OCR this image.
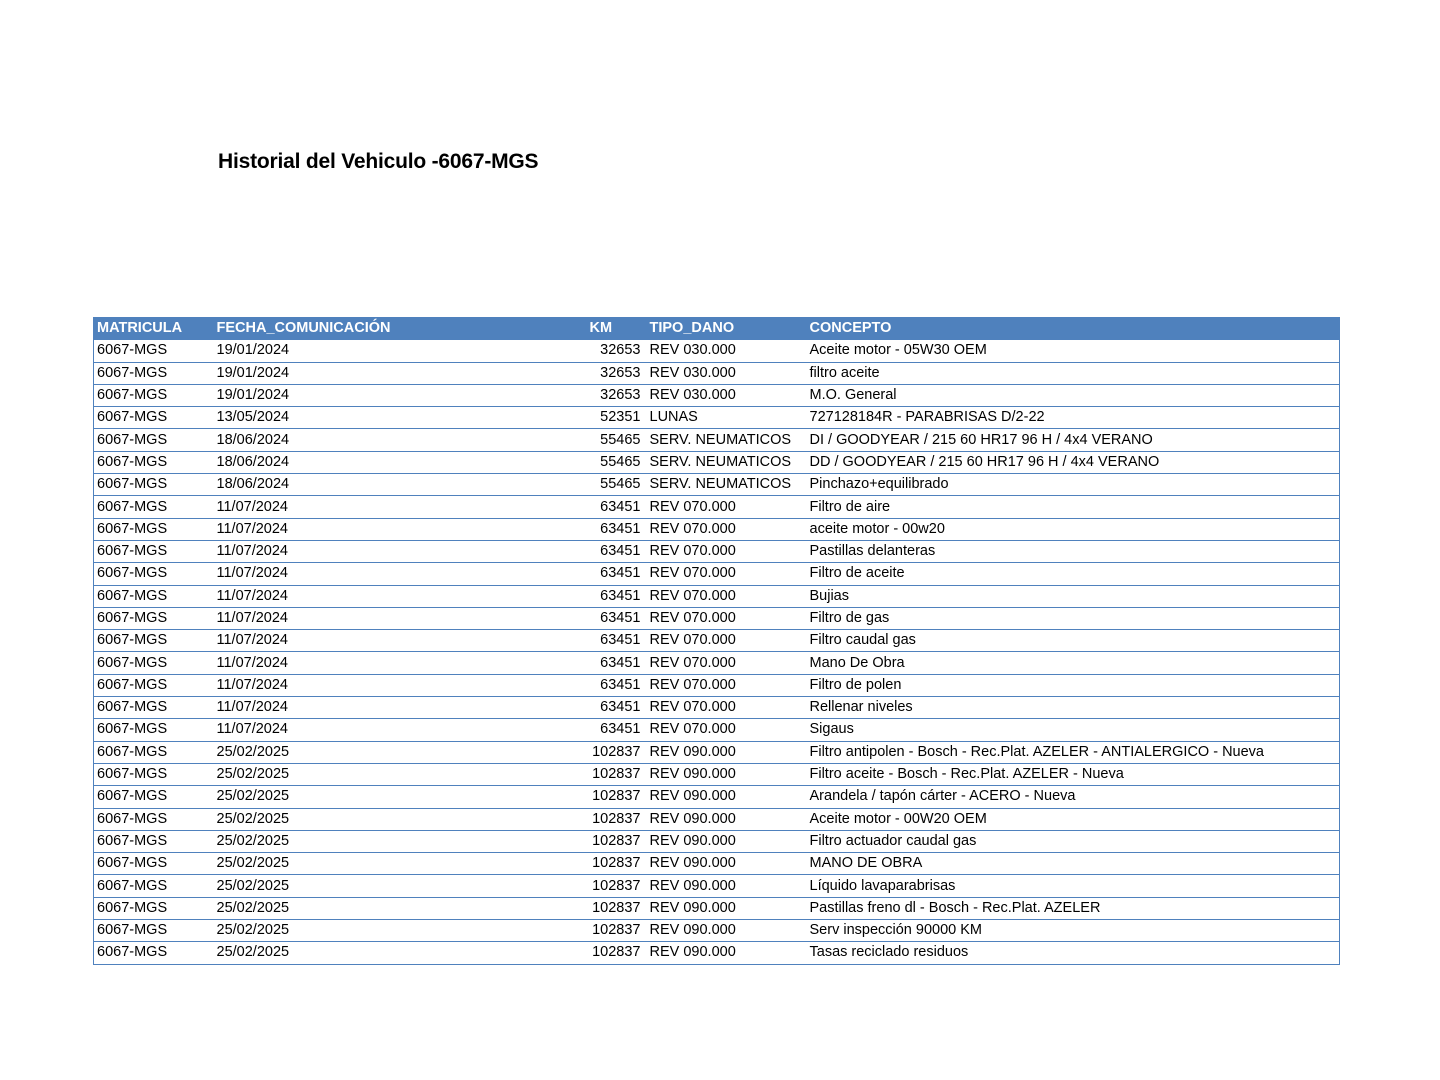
Historial del Vehiculo -6067-MGS
MATRICULA	FECHA_COMUNICACIÓN	KM	TIPO_DANO	CONCEPTO
6067-MGS	19/01/2024	32653	REV 030.000	Aceite motor - 05W30 OEM
6067-MGS	19/01/2024	32653	REV 030.000	filtro aceite
6067-MGS	19/01/2024	32653	REV 030.000	M.O. General
6067-MGS	13/05/2024	52351	LUNAS	727128184R - PARABRISAS D/2-22
6067-MGS	18/06/2024	55465	SERV. NEUMATICOS	DI / GOODYEAR / 215 60 HR17 96 H / 4x4 VERANO
6067-MGS	18/06/2024	55465	SERV. NEUMATICOS	DD / GOODYEAR / 215 60 HR17 96 H / 4x4 VERANO
6067-MGS	18/06/2024	55465	SERV. NEUMATICOS	Pinchazo+equilibrado
6067-MGS	11/07/2024	63451	REV 070.000	Filtro de aire
6067-MGS	11/07/2024	63451	REV 070.000	aceite motor - 00w20
6067-MGS	11/07/2024	63451	REV 070.000	Pastillas delanteras
6067-MGS	11/07/2024	63451	REV 070.000	Filtro de aceite
6067-MGS	11/07/2024	63451	REV 070.000	Bujias
6067-MGS	11/07/2024	63451	REV 070.000	Filtro de gas
6067-MGS	11/07/2024	63451	REV 070.000	Filtro caudal gas
6067-MGS	11/07/2024	63451	REV 070.000	Mano De Obra
6067-MGS	11/07/2024	63451	REV 070.000	Filtro de polen
6067-MGS	11/07/2024	63451	REV 070.000	Rellenar niveles
6067-MGS	11/07/2024	63451	REV 070.000	Sigaus
6067-MGS	25/02/2025	102837	REV 090.000	Filtro antipolen - Bosch - Rec.Plat. AZELER - ANTIALERGICO - Nueva
6067-MGS	25/02/2025	102837	REV 090.000	Filtro aceite - Bosch - Rec.Plat. AZELER - Nueva
6067-MGS	25/02/2025	102837	REV 090.000	Arandela / tapón cárter - ACERO - Nueva
6067-MGS	25/02/2025	102837	REV 090.000	Aceite motor - 00W20 OEM
6067-MGS	25/02/2025	102837	REV 090.000	Filtro actuador caudal gas
6067-MGS	25/02/2025	102837	REV 090.000	MANO DE OBRA
6067-MGS	25/02/2025	102837	REV 090.000	Líquido lavaparabrisas
6067-MGS	25/02/2025	102837	REV 090.000	Pastillas freno dl - Bosch - Rec.Plat. AZELER
6067-MGS	25/02/2025	102837	REV 090.000	Serv inspección 90000 KM
6067-MGS	25/02/2025	102837	REV 090.000	Tasas reciclado residuos
